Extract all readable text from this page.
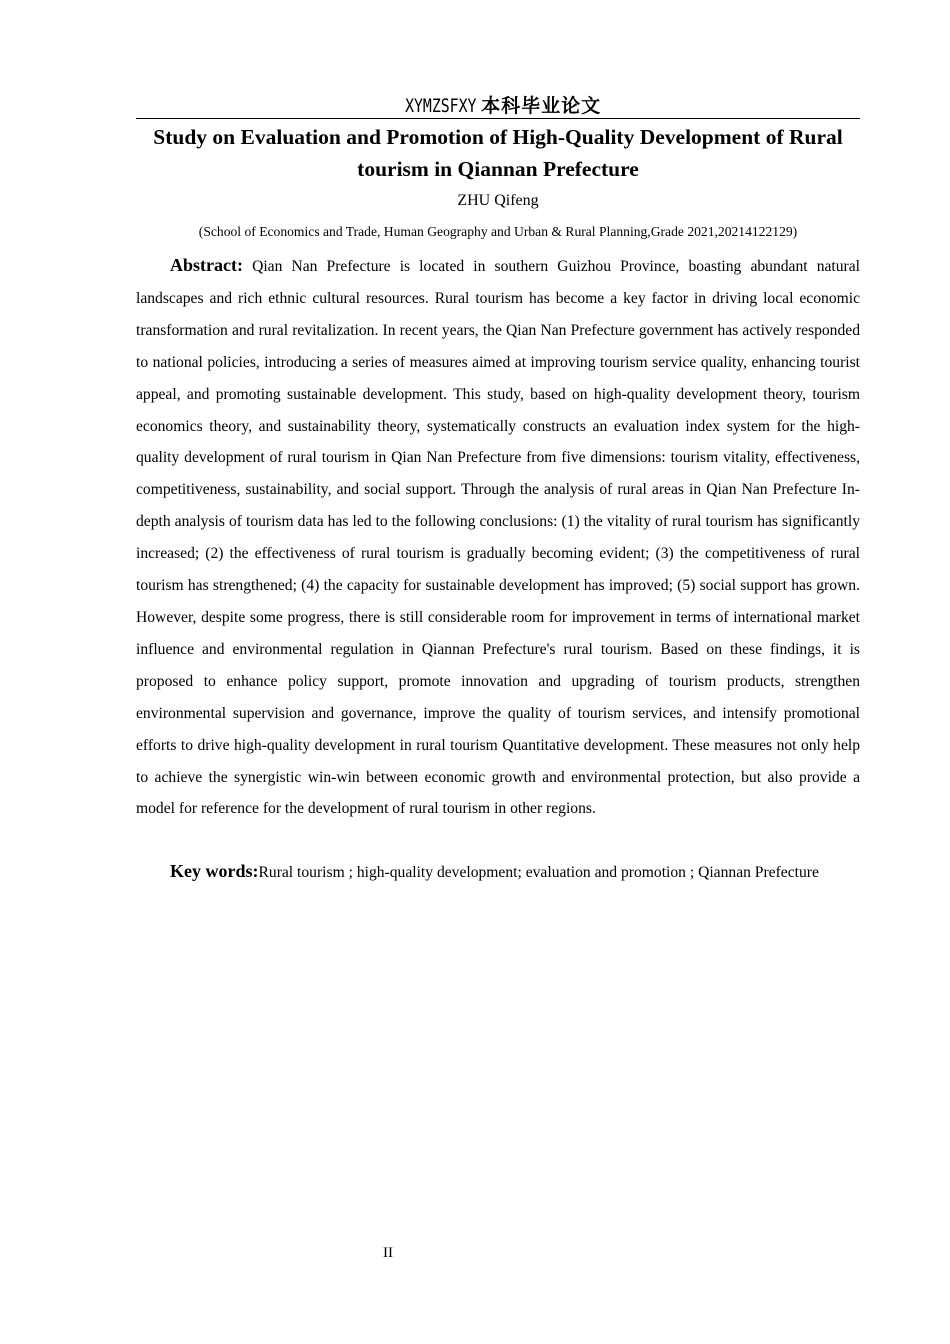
XYMZSFXY 本科毕业论文
Study on Evaluation and Promotion of High-Quality Development of Rural tourism in Qiannan Prefecture
ZHU Qifeng
(School of Economics and Trade, Human Geography and Urban & Rural Planning,Grade 2021,20214122129)

Abstract: Qian Nan Prefecture is located in southern Guizhou Province, boasting abundant natural landscapes and rich ethnic cultural resources. Rural tourism has become a key factor in driving local economic transformation and rural revitalization. In recent years, the Qian Nan Prefecture government has actively responded to national policies, introducing a series of measures aimed at improving tourism service quality, enhancing tourist appeal, and promoting sustainable development. This study, based on high-quality development theory, tourism economics theory, and sustainability theory, systematically constructs an evaluation index system for the high-quality development of rural tourism in Qian Nan Prefecture from five dimensions: tourism vitality, effectiveness, competitiveness, sustainability, and social support. Through the analysis of rural areas in Qian Nan Prefecture In-depth analysis of tourism data has led to the following conclusions: (1) the vitality of rural tourism has significantly increased; (2) the effectiveness of rural tourism is gradually becoming evident; (3) the competitiveness of rural tourism has strengthened; (4) the capacity for sustainable development has improved; (5) social support has grown. However, despite some progress, there is still considerable room for improvement in terms of international market influence and environmental regulation in Qiannan Prefecture's rural tourism. Based on these findings, it is proposed to enhance policy support, promote innovation and upgrading of tourism products, strengthen environmental supervision and governance, improve the quality of tourism services, and intensify promotional efforts to drive high-quality development in rural tourism Quantitative development. These measures not only help to achieve the synergistic win-win between economic growth and environmental protection, but also provide a model for reference for the development of rural tourism in other regions.

Key words:Rural tourism ; high-quality development; evaluation and promotion ; Qiannan Prefecture

II
